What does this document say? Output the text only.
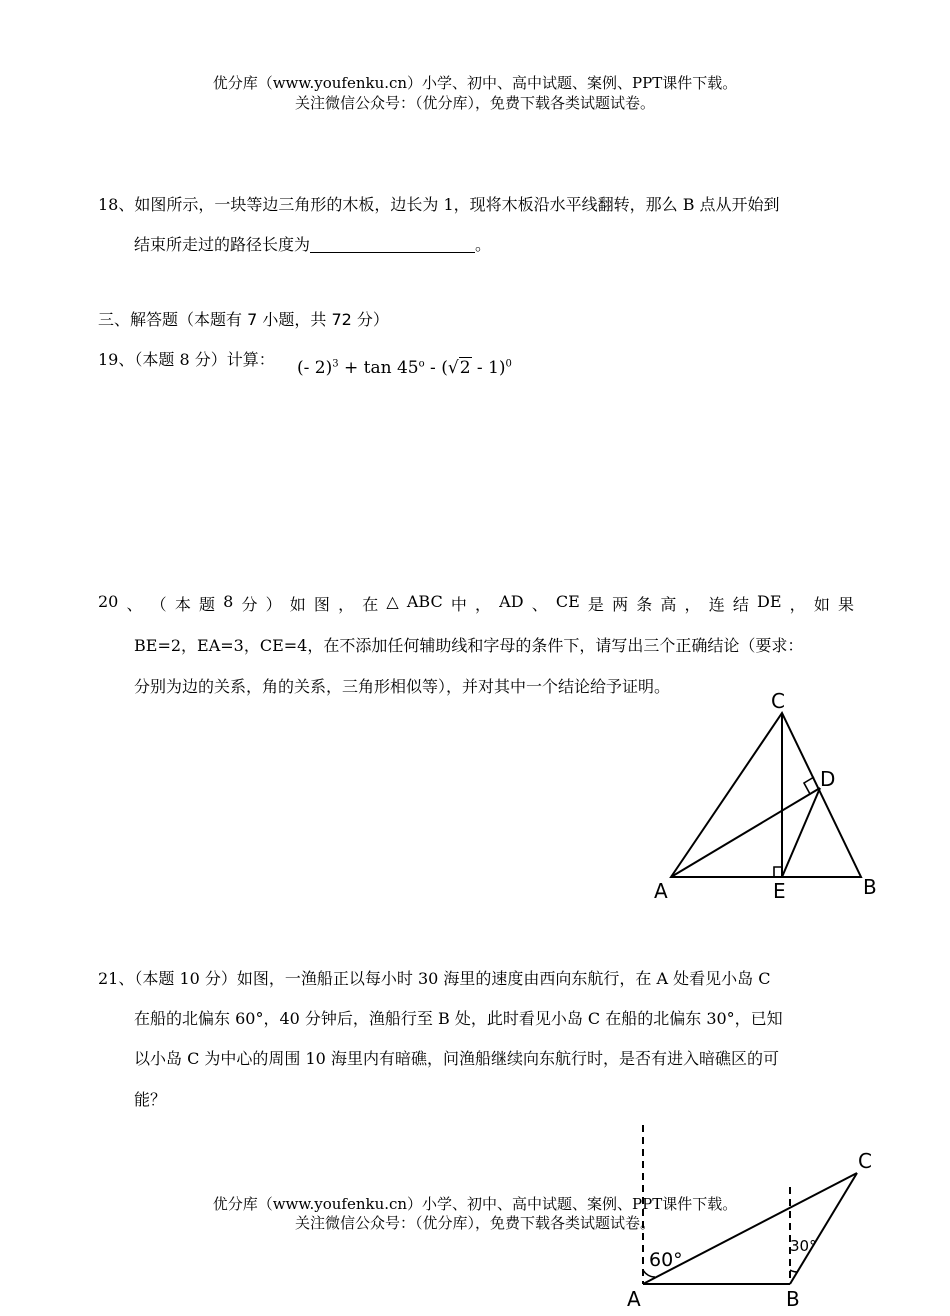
优分库（www.youfenku.cn）小学、初中、高中试题、案例、PPT课件下载。
关注微信公众号：（优分库），免费下载各类试题试卷。
18、如图所示，一块等边三角形的木板，边长为 1，现将木板沿水平线翻转，那么 B 点从开始到
结束所走过的路径长度为	。
三、解答题（本题有 7 小题，共 72 分）
19、（本题 8 分）计算： (- 2)$^3$ + tan 45$^o$ - (√2 - 1)$^0$
20 、 （ 本 题 8 分 ） 如 图 ， 在 △ ABC 中 ， AD 、 CE 是 两 条 高 ， 连 结 DE ， 如 果
BE=2，EA=3，CE=4，在不添加任何辅助线和字母的条件下，请写出三个正确结论（要求：
分别为边的关系，角的关系，三角形相似等），并对其中一个结论给予证明。
C
D
A	E	B
21、（本题 10 分）如图，一渔船正以每小时 30 海里的速度由西向东航行，在 A 处看见小岛 C
在船的北偏东 60°，40 分钟后，渔船行至 B 处，此时看见小岛 C 在船的北偏东 30°，已知
以小岛 C 为中心的周围 10 海里内有暗礁，问渔船继续向东航行时，是否有进入暗礁区的可
能？
C
A	B
60°
30°
优分库（www.youfenku.cn）小学、初中、高中试题、案例、PPT课件下载。
关注微信公众号：（优分库），免费下载各类试题试卷。
